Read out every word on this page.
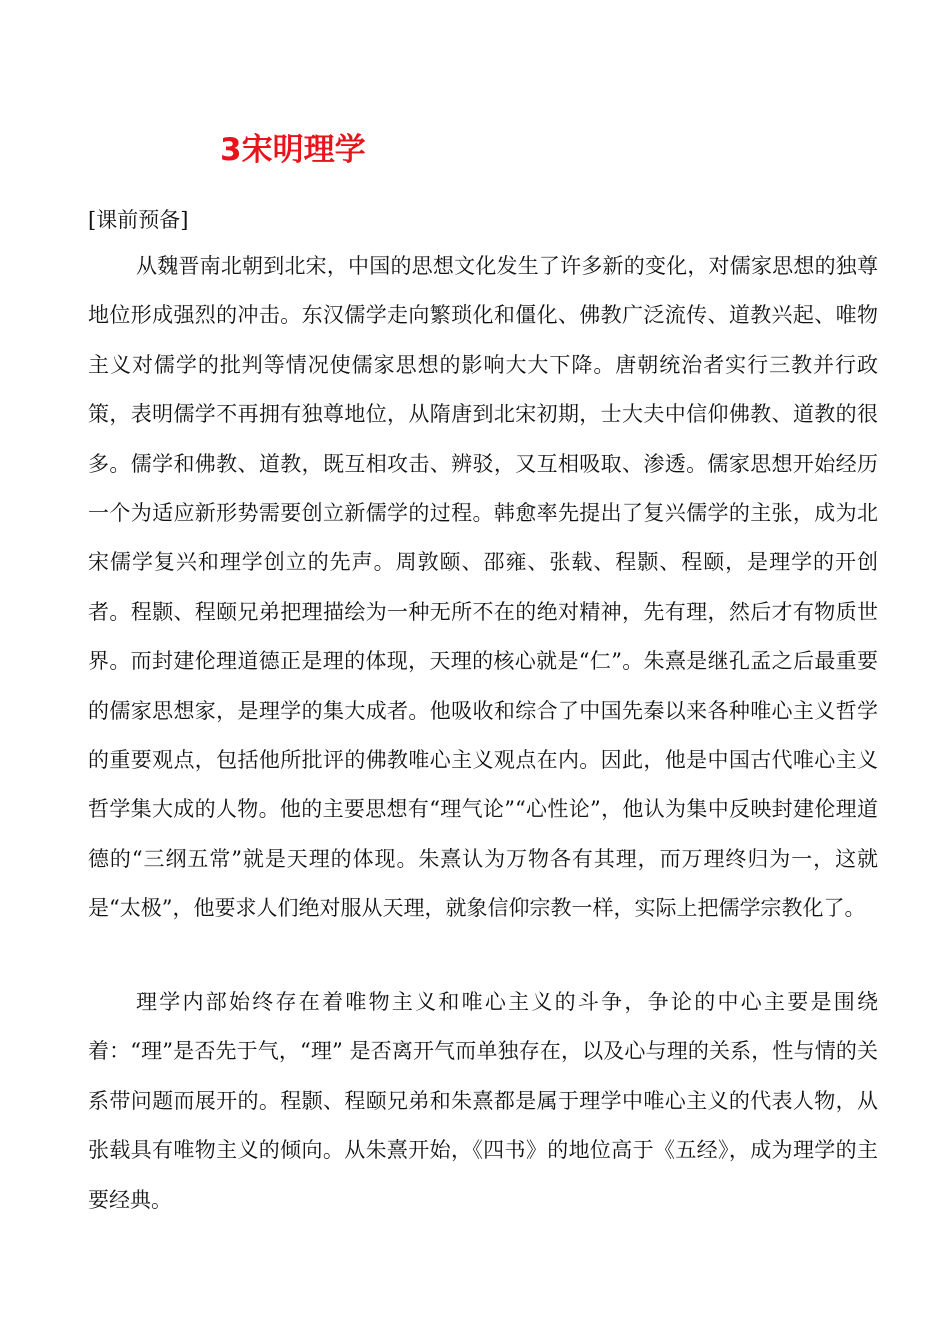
3宋明理学
[课前预备]

从魏晋南北朝到北宋，中国的思想文化发生了许多新的变化，对儒家思想的独尊地位形成强烈的冲击。东汉儒学走向繁琐化和僵化、佛教广泛流传、道教兴起、唯物主义对儒学的批判等情况使儒家思想的影响大大下降。唐朝统治者实行三教并行政策，表明儒学不再拥有独尊地位，从隋唐到北宋初期，士大夫中信仰佛教、道教的很多。儒学和佛教、道教，既互相攻击、辨驳，又互相吸取、渗透。儒家思想开始经历一个为适应新形势需要创立新儒学的过程。韩愈率先提出了复兴儒学的主张，成为北宋儒学复兴和理学创立的先声。周敦颐、邵雍、张载、程颢、程颐，是理学的开创者。程颢、程颐兄弟把理描绘为一种无所不在的绝对精神，先有理，然后才有物质世界。而封建伦理道德正是理的体现，天理的核心就是“仁”。朱熹是继孔孟之后最重要的儒家思想家，是理学的集大成者。他吸收和综合了中国先秦以来各种唯心主义哲学的重要观点，包括他所批评的佛教唯心主义观点在内。因此，他是中国古代唯心主义哲学集大成的人物。他的主要思想有“理气论”“心性论”，他认为集中反映封建伦理道德的“三纲五常”就是天理的体现。朱熹认为万物各有其理，而万理终归为一，这就是“太极”，他要求人们绝对服从天理，就象信仰宗教一样，实际上把儒学宗教化了。

理学内部始终存在着唯物主义和唯心主义的斗争，争论的中心主要是围绕着：“理”是否先于气，“理” 是否离开气而单独存在，以及心与理的关系，性与情的关系带问题而展开的。程颢、程颐兄弟和朱熹都是属于理学中唯心主义的代表人物，从张载具有唯物主义的倾向。从朱熹开始，《四书》的地位高于《五经》，成为理学的主要经典。
